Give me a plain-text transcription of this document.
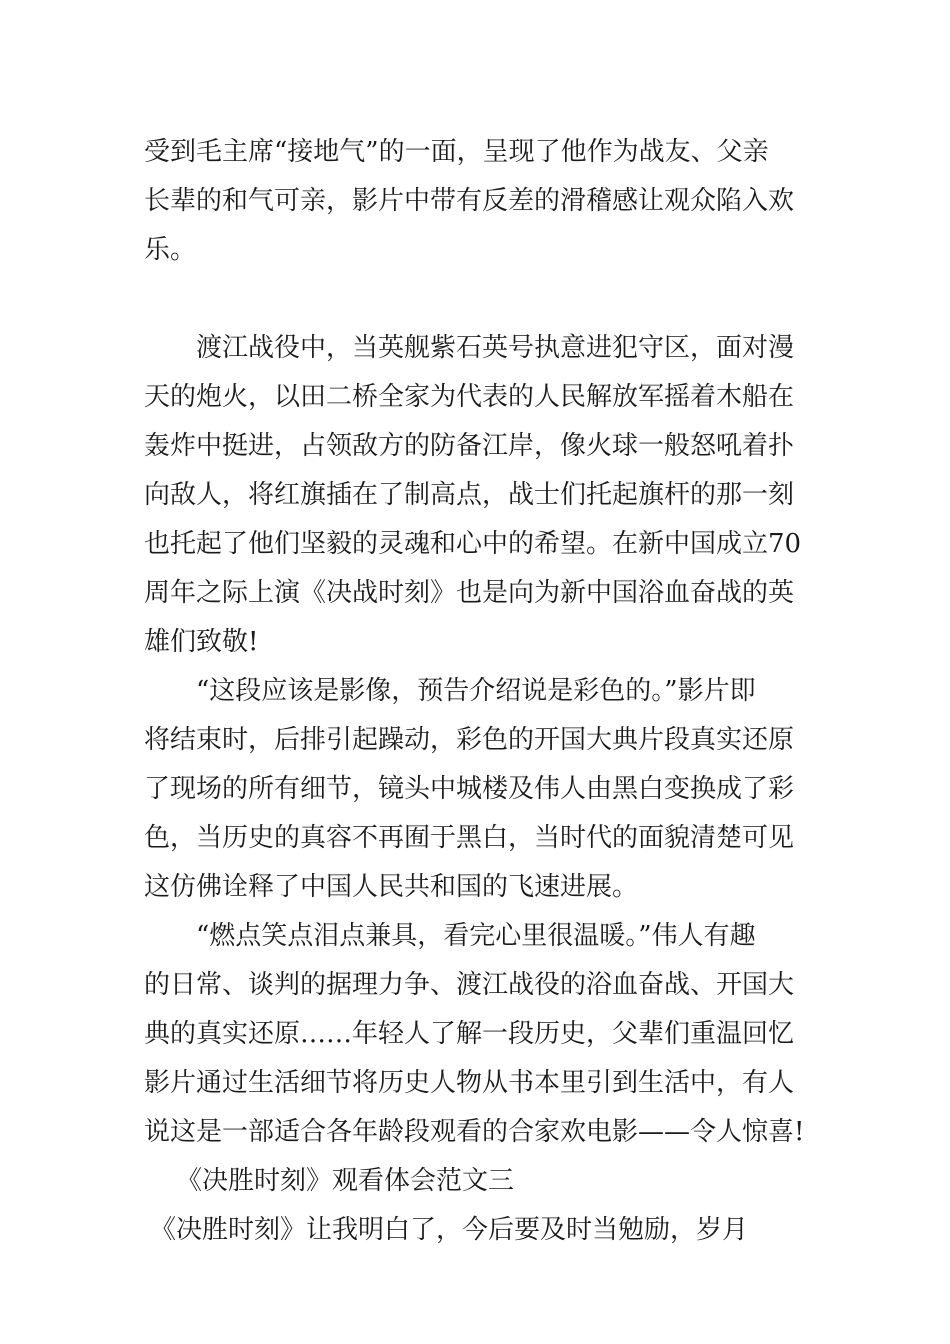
受到毛主席“接地气”的一面，呈现了他作为战友、父亲
长辈的和气可亲，影片中带有反差的滑稽感让观众陷入欢
乐。
渡江战役中，当英舰紫石英号执意进犯守区，面对漫
天的炮火，以田二桥全家为代表的人民解放军摇着木船在
轰炸中挺进，占领敌方的防备江岸，像火球一般怒吼着扑
向敌人，将红旗插在了制高点，战士们托起旗杆的那一刻
也托起了他们坚毅的灵魂和心中的希望。在新中国成立70
周年之际上演《决战时刻》也是向为新中国浴血奋战的英
雄们致敬!
“这段应该是影像，预告介绍说是彩色的。”影片即
将结束时，后排引起躁动，彩色的开国大典片段真实还原
了现场的所有细节，镜头中城楼及伟人由黑白变换成了彩
色，当历史的真容不再囿于黑白，当时代的面貌清楚可见
这仿佛诠释了中国人民共和国的飞速进展。
“燃点笑点泪点兼具，看完心里很温暖。”伟人有趣
的日常、谈判的据理力争、渡江战役的浴血奋战、开国大
典的真实还原……年轻人了解一段历史，父辈们重温回忆
影片通过生活细节将历史人物从书本里引到生活中，有人
说这是一部适合各年龄段观看的合家欢电影——令人惊喜!
《决胜时刻》观看体会范文三
《决胜时刻》让我明白了，今后要及时当勉励，岁月
